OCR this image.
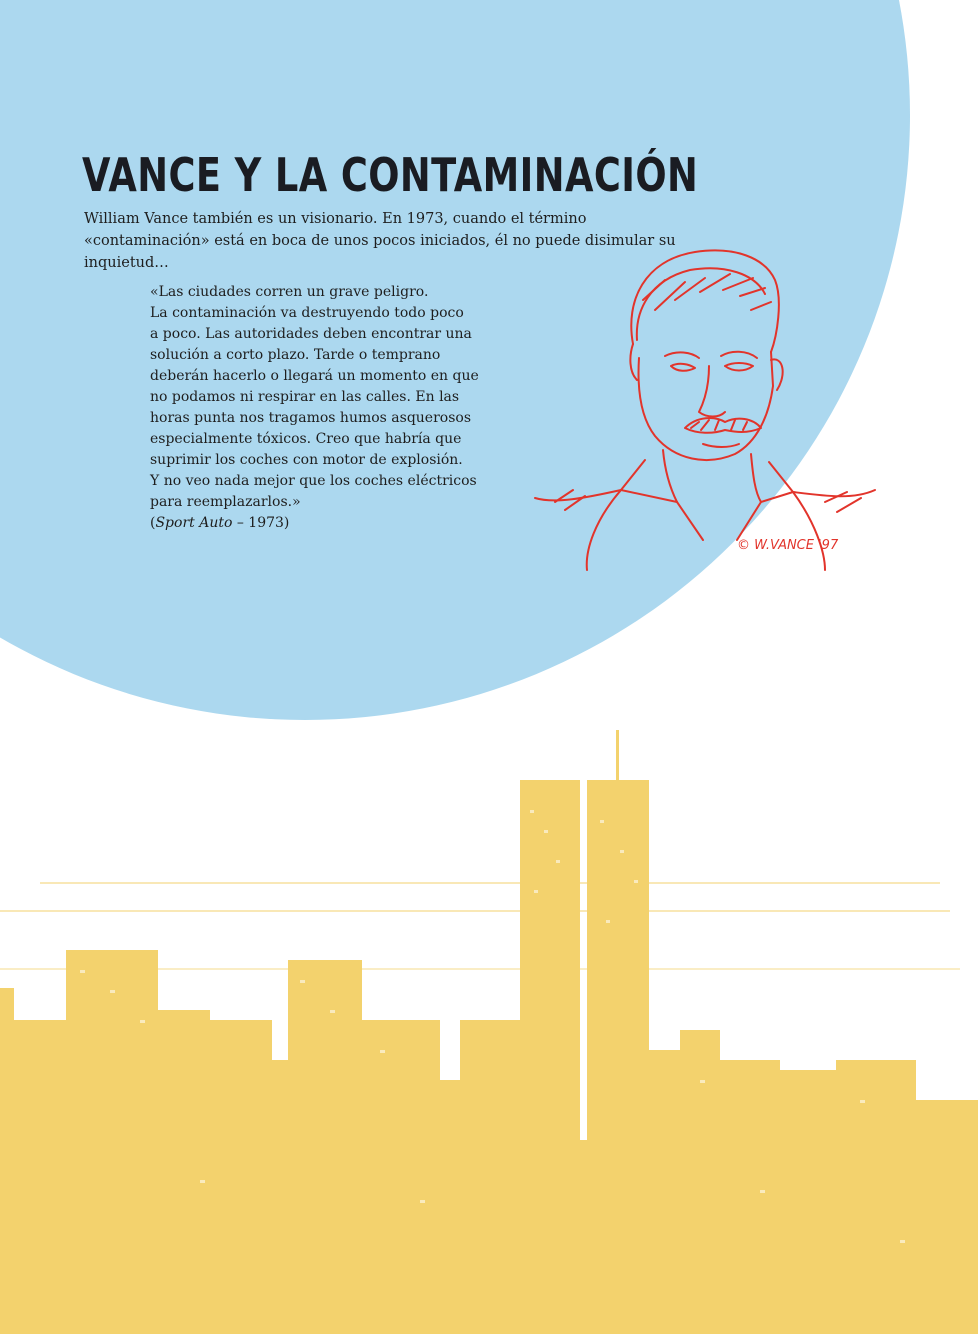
VANCE Y LA CONTAMINACIÓN

William Vance también es un visionario. En 1973, cuando el término «contaminación» está en boca de unos pocos iniciados, él no puede disimular su inquietud…

«Las ciudades corren un grave peligro.
La contaminación va destruyendo todo poco
a poco. Las autoridades deben encontrar una
solución a corto plazo. Tarde o temprano
deberán hacerlo o llegará un momento en que
no podamos ni respirar en las calles. En las
horas punta nos tragamos humos asquerosos
especialmente tóxicos. Creo que habría que
suprimir los coches con motor de explosión.
Y no veo nada mejor que los coches eléctricos
para reemplazarlos.»
(Sport Auto – 1973)
© W.VANCE '97
